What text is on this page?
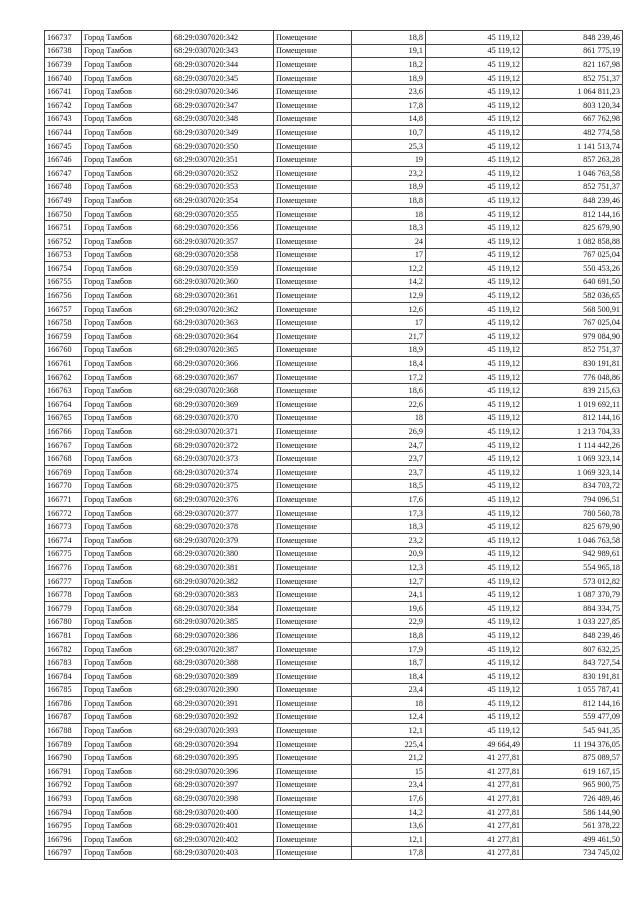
166737	Город Тамбов	68:29:0307020:342	Помещение	18,8	45 119,12	848 239,46
166738	Город Тамбов	68:29:0307020:343	Помещение	19,1	45 119,12	861 775,19
166739	Город Тамбов	68:29:0307020:344	Помещение	18,2	45 119,12	821 167,98
166740	Город Тамбов	68:29:0307020:345	Помещение	18,9	45 119,12	852 751,37
166741	Город Тамбов	68:29:0307020:346	Помещение	23,6	45 119,12	1 064 811,23
166742	Город Тамбов	68:29:0307020:347	Помещение	17,8	45 119,12	803 120,34
166743	Город Тамбов	68:29:0307020:348	Помещение	14,8	45 119,12	667 762,98
166744	Город Тамбов	68:29:0307020:349	Помещение	10,7	45 119,12	482 774,58
166745	Город Тамбов	68:29:0307020:350	Помещение	25,3	45 119,12	1 141 513,74
166746	Город Тамбов	68:29:0307020:351	Помещение	19	45 119,12	857 263,28
166747	Город Тамбов	68:29:0307020:352	Помещение	23,2	45 119,12	1 046 763,58
166748	Город Тамбов	68:29:0307020:353	Помещение	18,9	45 119,12	852 751,37
166749	Город Тамбов	68:29:0307020:354	Помещение	18,8	45 119,12	848 239,46
166750	Город Тамбов	68:29:0307020:355	Помещение	18	45 119,12	812 144,16
166751	Город Тамбов	68:29:0307020:356	Помещение	18,3	45 119,12	825 679,90
166752	Город Тамбов	68:29:0307020:357	Помещение	24	45 119,12	1 082 858,88
166753	Город Тамбов	68:29:0307020:358	Помещение	17	45 119,12	767 025,04
166754	Город Тамбов	68:29:0307020:359	Помещение	12,2	45 119,12	550 453,26
166755	Город Тамбов	68:29:0307020:360	Помещение	14,2	45 119,12	640 691,50
166756	Город Тамбов	68:29:0307020:361	Помещение	12,9	45 119,12	582 036,65
166757	Город Тамбов	68:29:0307020:362	Помещение	12,6	45 119,12	568 500,91
166758	Город Тамбов	68:29:0307020:363	Помещение	17	45 119,12	767 025,04
166759	Город Тамбов	68:29:0307020:364	Помещение	21,7	45 119,12	979 084,90
166760	Город Тамбов	68:29:0307020:365	Помещение	18,9	45 119,12	852 751,37
166761	Город Тамбов	68:29:0307020:366	Помещение	18,4	45 119,12	830 191,81
166762	Город Тамбов	68:29:0307020:367	Помещение	17,2	45 119,12	776 048,86
166763	Город Тамбов	68:29:0307020:368	Помещение	18,6	45 119,12	839 215,63
166764	Город Тамбов	68:29:0307020:369	Помещение	22,6	45 119,12	1 019 692,11
166765	Город Тамбов	68:29:0307020:370	Помещение	18	45 119,12	812 144,16
166766	Город Тамбов	68:29:0307020:371	Помещение	26,9	45 119,12	1 213 704,33
166767	Город Тамбов	68:29:0307020:372	Помещение	24,7	45 119,12	1 114 442,26
166768	Город Тамбов	68:29:0307020:373	Помещение	23,7	45 119,12	1 069 323,14
166769	Город Тамбов	68:29:0307020:374	Помещение	23,7	45 119,12	1 069 323,14
166770	Город Тамбов	68:29:0307020:375	Помещение	18,5	45 119,12	834 703,72
166771	Город Тамбов	68:29:0307020:376	Помещение	17,6	45 119,12	794 096,51
166772	Город Тамбов	68:29:0307020:377	Помещение	17,3	45 119,12	780 560,78
166773	Город Тамбов	68:29:0307020:378	Помещение	18,3	45 119,12	825 679,90
166774	Город Тамбов	68:29:0307020:379	Помещение	23,2	45 119,12	1 046 763,58
166775	Город Тамбов	68:29:0307020:380	Помещение	20,9	45 119,12	942 989,61
166776	Город Тамбов	68:29:0307020:381	Помещение	12,3	45 119,12	554 965,18
166777	Город Тамбов	68:29:0307020:382	Помещение	12,7	45 119,12	573 012,82
166778	Город Тамбов	68:29:0307020:383	Помещение	24,1	45 119,12	1 087 370,79
166779	Город Тамбов	68:29:0307020:384	Помещение	19,6	45 119,12	884 334,75
166780	Город Тамбов	68:29:0307020:385	Помещение	22,9	45 119,12	1 033 227,85
166781	Город Тамбов	68:29:0307020:386	Помещение	18,8	45 119,12	848 239,46
166782	Город Тамбов	68:29:0307020:387	Помещение	17,9	45 119,12	807 632,25
166783	Город Тамбов	68:29:0307020:388	Помещение	18,7	45 119,12	843 727,54
166784	Город Тамбов	68:29:0307020:389	Помещение	18,4	45 119,12	830 191,81
166785	Город Тамбов	68:29:0307020:390	Помещение	23,4	45 119,12	1 055 787,41
166786	Город Тамбов	68:29:0307020:391	Помещение	18	45 119,12	812 144,16
166787	Город Тамбов	68:29:0307020:392	Помещение	12,4	45 119,12	559 477,09
166788	Город Тамбов	68:29:0307020:393	Помещение	12,1	45 119,12	545 941,35
166789	Город Тамбов	68:29:0307020:394	Помещение	225,4	49 664,49	11 194 376,05
166790	Город Тамбов	68:29:0307020:395	Помещение	21,2	41 277,81	875 089,57
166791	Город Тамбов	68:29:0307020:396	Помещение	15	41 277,81	619 167,15
166792	Город Тамбов	68:29:0307020:397	Помещение	23,4	41 277,81	965 900,75
166793	Город Тамбов	68:29:0307020:398	Помещение	17,6	41 277,81	726 489,46
166794	Город Тамбов	68:29:0307020:400	Помещение	14,2	41 277,81	586 144,90
166795	Город Тамбов	68:29:0307020:401	Помещение	13,6	41 277,81	561 378,22
166796	Город Тамбов	68:29:0307020:402	Помещение	12,1	41 277,81	499 461,50
166797	Город Тамбов	68:29:0307020:403	Помещение	17,8	41 277,81	734 745,02
